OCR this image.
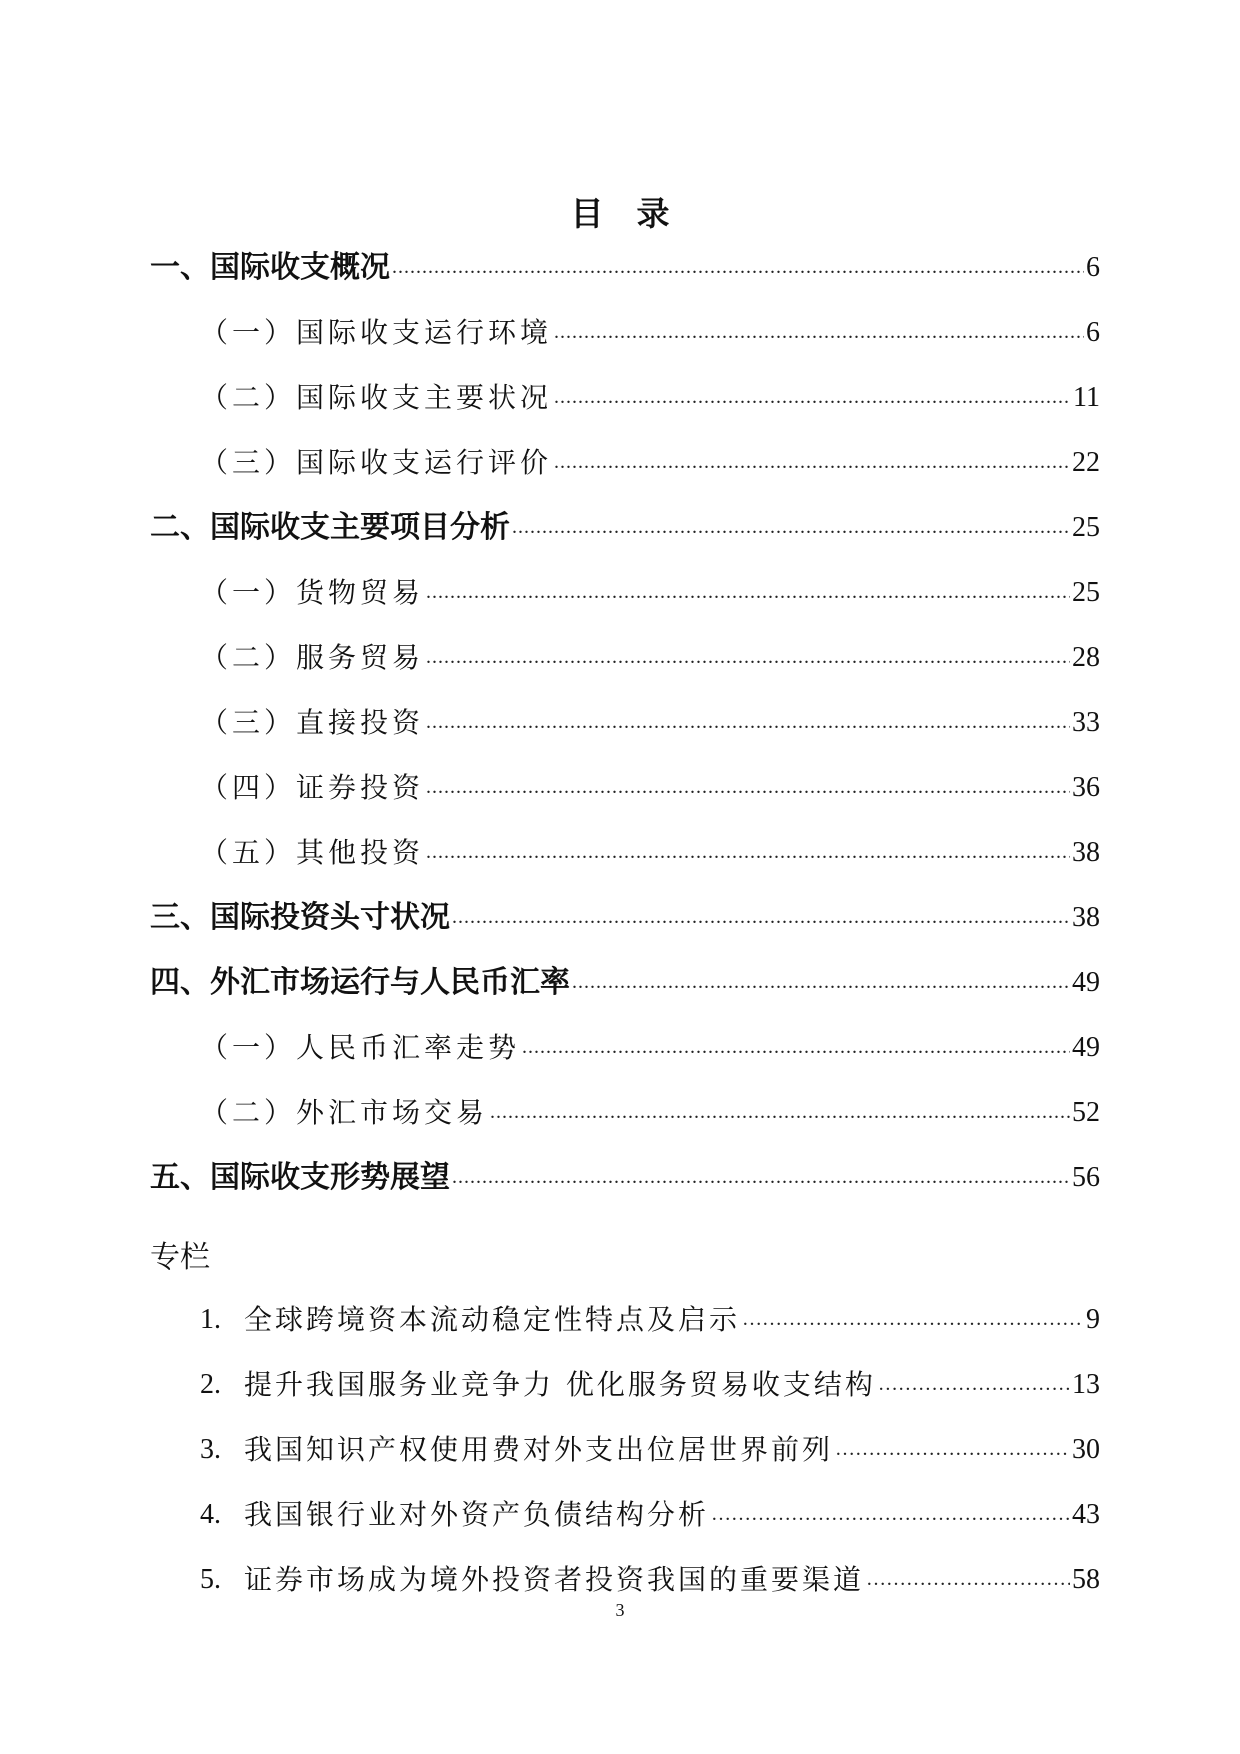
目　录
一、国际收支概况 .....	6
（一）国际收支运行环境 .....	6
（二）国际收支主要状况 .....	11
（三）国际收支运行评价 .....	22
二、国际收支主要项目分析 .....	25
（一）货物贸易 .....	25
（二）服务贸易 .....	28
（三）直接投资 .....	33
（四）证券投资 .....	36
（五）其他投资 .....	38
三、国际投资头寸状况 .....	38
四、外汇市场运行与人民币汇率 .....	49
（一）人民币汇率走势 .....	49
（二）外汇市场交易 .....	52
五、国际收支形势展望 .....	56
专栏
1. 全球跨境资本流动稳定性特点及启示 ………………………………………………………………………………………………………………………………………………	9
2. 提升我国服务业竞争力 优化服务贸易收支结构 ………………………………………………………………………………………………………………………………………………	13
3. 我国知识产权使用费对外支出位居世界前列 ………………………………………………………………………………………………………………………………………………	30
4. 我国银行业对外资产负债结构分析 ………………………………………………………………………………………………………………………………………………	43
5. 证券市场成为境外投资者投资我国的重要渠道 ………………………………………………………………………………………………………………………………………………	58
3
